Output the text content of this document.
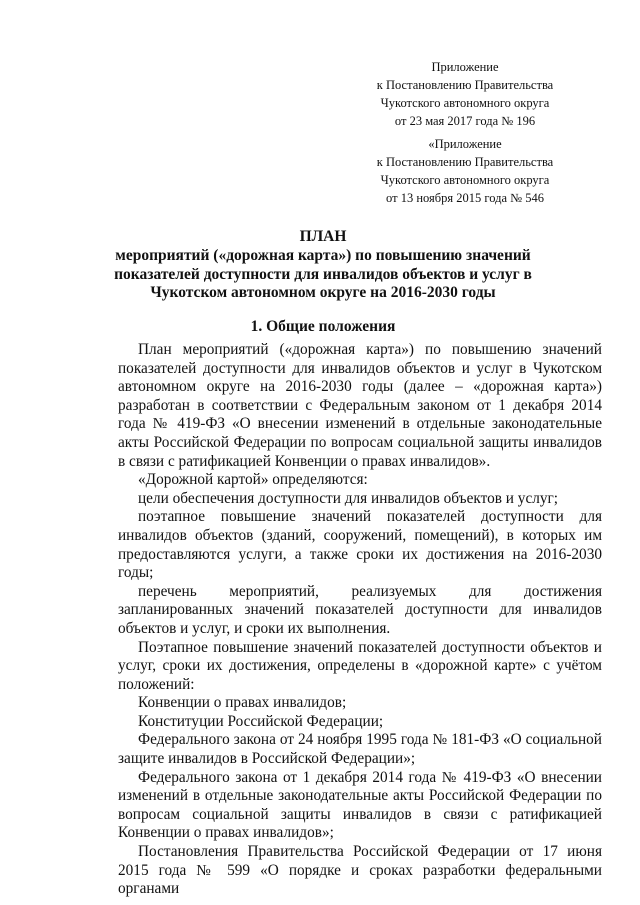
Приложение
к Постановлению Правительства
Чукотского автономного округа
от 23 мая 2017 года № 196
«Приложение
к Постановлению Правительства
Чукотского автономного округа
от 13 ноября 2015 года № 546
ПЛАН
мероприятий («дорожная карта») по повышению значений показателей доступности для инвалидов объектов и услуг в Чукотском автономном округе на 2016-2030 годы
1. Общие положения

План мероприятий («дорожная карта») по повышению значений показателей доступности для инвалидов объектов и услуг в Чукотском автономном округе на 2016-2030 годы (далее – «дорожная карта») разработан в соответствии с Федеральным законом от 1 декабря 2014 года № 419-ФЗ «О внесении изменений в отдельные законодательные акты Российской Федерации по вопросам социальной защиты инвалидов в связи с ратификацией Конвенции о правах инвалидов».

«Дорожной картой» определяются:

цели обеспечения доступности для инвалидов объектов и услуг;

поэтапное повышение значений показателей доступности для инвалидов объектов (зданий, сооружений, помещений), в которых им предоставляются услуги, а также сроки их достижения на 2016-2030 годы;

перечень мероприятий, реализуемых для достижения запланированных значений показателей доступности для инвалидов объектов и услуг, и сроки их выполнения.

Поэтапное повышение значений показателей доступности объектов и услуг, сроки их достижения, определены в «дорожной карте» с учётом положений:

Конвенции о правах инвалидов;

Конституции Российской Федерации;

Федерального закона от 24 ноября 1995 года № 181-ФЗ «О социальной защите инвалидов в Российской Федерации»;

Федерального закона от 1 декабря 2014 года № 419-ФЗ «О внесении изменений в отдельные законодательные акты Российской Федерации по вопросам социальной защиты инвалидов в связи с ратификацией Конвенции о правах инвалидов»;

Постановления Правительства Российской Федерации от 17 июня 2015 года № 599 «О порядке и сроках разработки федеральными органами
